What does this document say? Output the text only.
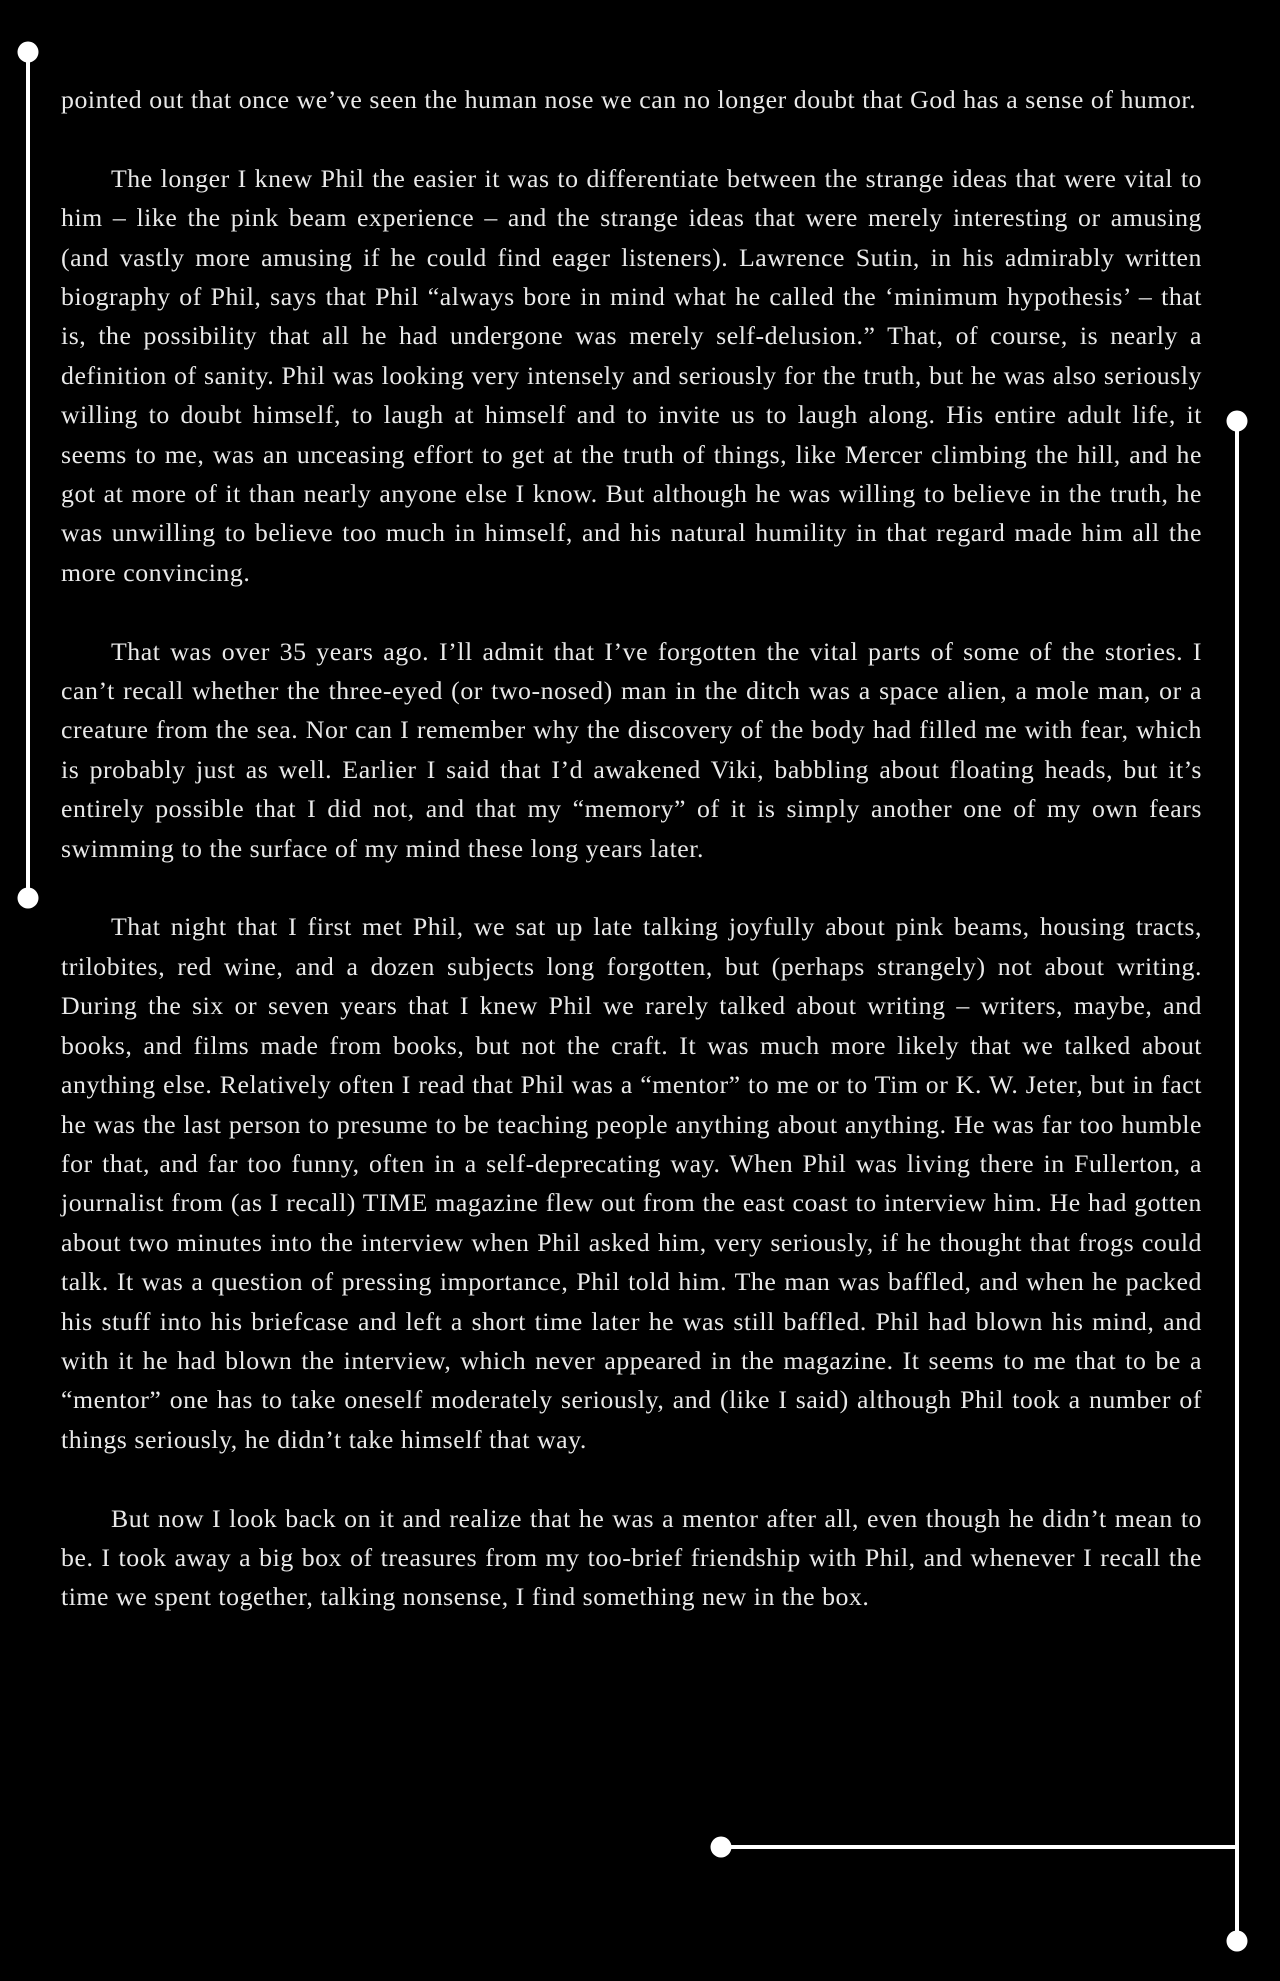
pointed out that once we’ve seen the human nose we can no longer doubt that God has a sense of humor.

The longer I knew Phil the easier it was to differentiate between the strange ideas that were vital to him – like the pink beam experience – and the strange ideas that were merely interesting or amusing (and vastly more amusing if he could find eager listeners). Lawrence Sutin, in his admirably written biography of Phil, says that Phil “always bore in mind what he called the ‘minimum hypothesis’ – that is, the possibility that all he had undergone was merely self-delusion.” That, of course, is nearly a definition of sanity. Phil was looking very intensely and seriously for the truth, but he was also seriously willing to doubt himself, to laugh at himself and to invite us to laugh along. His entire adult life, it seems to me, was an unceasing effort to get at the truth of things, like Mercer climbing the hill, and he got at more of it than nearly anyone else I know. But although he was willing to believe in the truth, he was unwilling to believe too much in himself, and his natural humility in that regard made him all the more convincing.

That was over 35 years ago. I’ll admit that I’ve forgotten the vital parts of some of the stories. I can’t recall whether the three-eyed (or two-nosed) man in the ditch was a space alien, a mole man, or a creature from the sea. Nor can I remember why the discovery of the body had filled me with fear, which is probably just as well. Earlier I said that I’d awakened Viki, babbling about floating heads, but it’s entirely possible that I did not, and that my “memory” of it is simply another one of my own fears swimming to the surface of my mind these long years later.

That night that I first met Phil, we sat up late talking joyfully about pink beams, housing tracts, trilobites, red wine, and a dozen subjects long forgotten, but (perhaps strangely) not about writing. During the six or seven years that I knew Phil we rarely talked about writing – writers, maybe, and books, and films made from books, but not the craft. It was much more likely that we talked about anything else. Relatively often I read that Phil was a “mentor” to me or to Tim or K. W. Jeter, but in fact he was the last person to presume to be teaching people anything about anything. He was far too humble for that, and far too funny, often in a self-deprecating way. When Phil was living there in Fullerton, a journalist from (as I recall) TIME magazine flew out from the east coast to interview him. He had gotten about two minutes into the interview when Phil asked him, very seriously, if he thought that frogs could talk. It was a question of pressing importance, Phil told him. The man was baffled, and when he packed his stuff into his briefcase and left a short time later he was still baffled. Phil had blown his mind, and with it he had blown the interview, which never appeared in the magazine. It seems to me that to be a “mentor” one has to take oneself moderately seriously, and (like I said) although Phil took a number of things seriously, he didn’t take himself that way.

But now I look back on it and realize that he was a mentor after all, even though he didn’t mean to be. I took away a big box of treasures from my too-brief friendship with Phil, and whenever I recall the time we spent together, talking nonsense, I find something new in the box.
